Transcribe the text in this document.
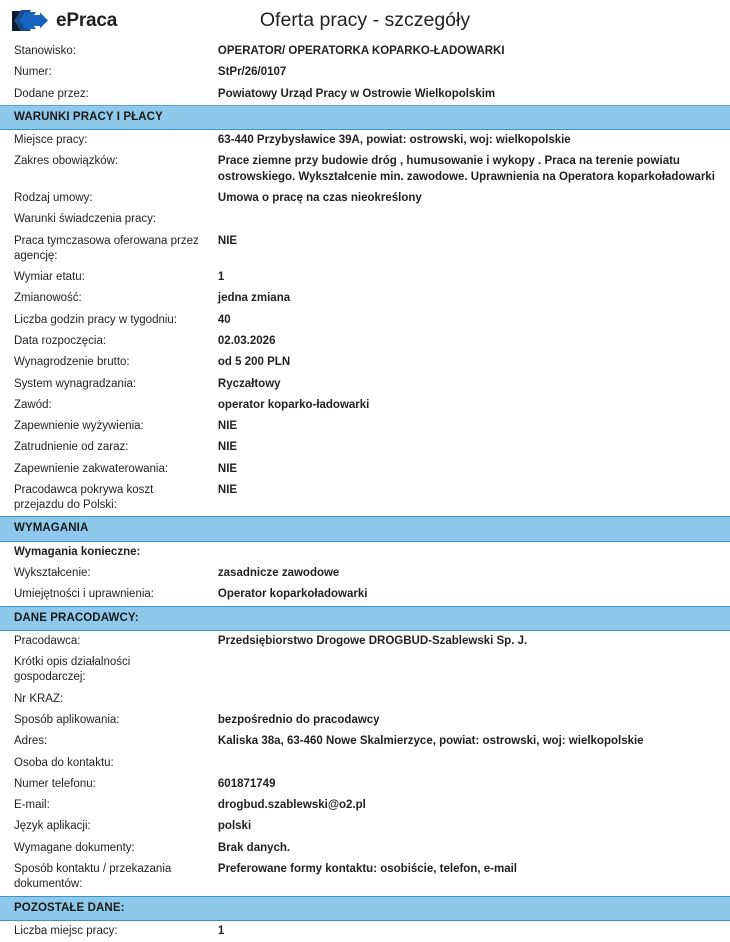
ePraca	Oferta pracy - szczegóły
Stanowisko:	OPERATOR/ OPERATORKA KOPARKO-ŁADOWARKI
Numer:	StPr/26/0107
Dodane przez:	Powiatowy Urząd Pracy w Ostrowie Wielkopolskim
WARUNKI PRACY I PŁACY	
Miejsce pracy:	63-440 Przybysławice 39A, powiat: ostrowski, woj: wielkopolskie
Zakres obowiązków:	Prace ziemne przy budowie dróg , humusowanie i wykopy . Praca na terenie powiatu ostrowskiego. Wykształcenie min. zawodowe. Uprawnienia na Operatora koparkoładowarki
Rodzaj umowy:	Umowa o pracę na czas nieokreślony
Warunki świadczenia pracy:	
Praca tymczasowa oferowana przez agencję:	NIE
Wymiar etatu:	1
Zmianowość:	jedna zmiana
Liczba godzin pracy w tygodniu:	40
Data rozpoczęcia:	02.03.2026
Wynagrodzenie brutto:	od 5 200 PLN
System wynagradzania:	Ryczałtowy
Zawód:	operator koparko-ładowarki
Zapewnienie wyżywienia:	NIE
Zatrudnienie od zaraz:	NIE
Zapewnienie zakwaterowania:	NIE
Pracodawca pokrywa koszt przejazdu do Polski:	NIE
WYMAGANIA	
Wymagania konieczne:	
Wykształcenie:	zasadnicze zawodowe
Umiejętności i uprawnienia:	Operator koparkoładowarki
DANE PRACODAWCY:	
Pracodawca:	Przedsiębiorstwo Drogowe DROGBUD-Szablewski Sp. J.
Krótki opis działalności gospodarczej:	
Nr KRAZ:	
Sposób aplikowania:	bezpośrednio do pracodawcy
Adres:	Kaliska 38a, 63-460 Nowe Skalmierzyce, powiat: ostrowski, woj: wielkopolskie
Osoba do kontaktu:	
Numer telefonu:	601871749
E-mail:	drogbud.szablewski@o2.pl
Język aplikacji:	polski
Wymagane dokumenty:	Brak danych.
Sposób kontaktu / przekazania dokumentów:	Preferowane formy kontaktu: osobiście, telefon, e-mail
POZOSTAŁE DANE:	
Liczba miejsc pracy:	1
